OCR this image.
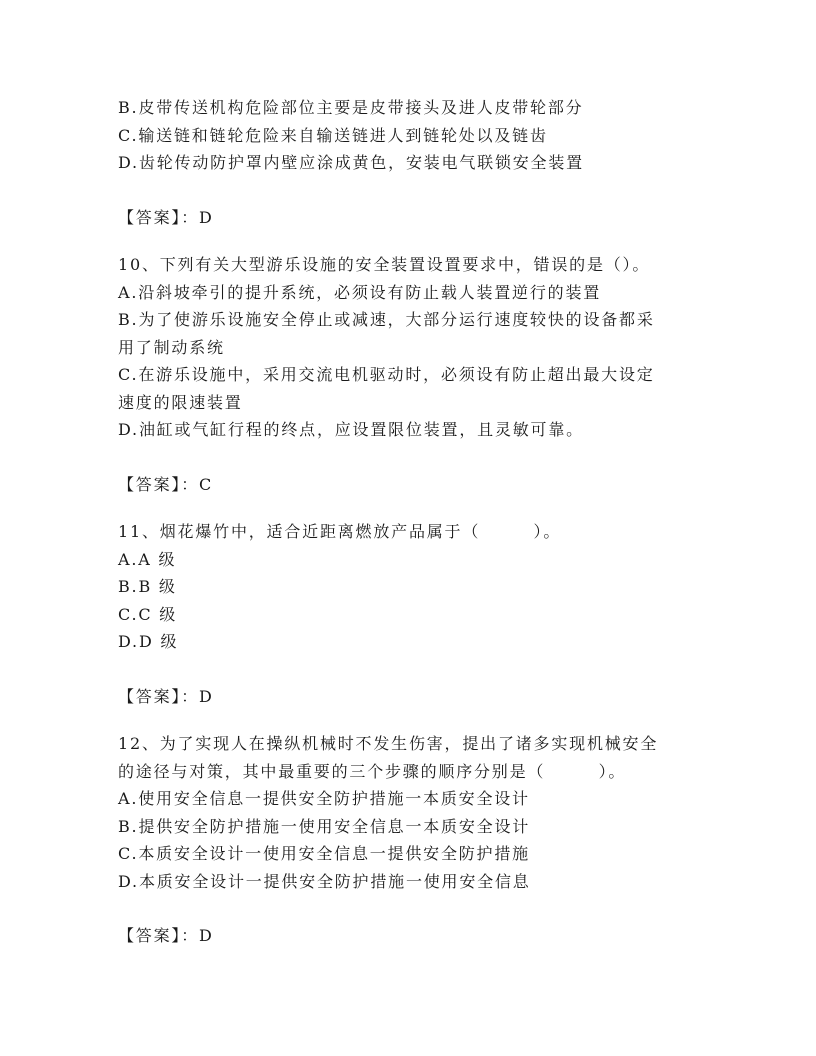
B.皮带传送机构危险部位主要是皮带接头及进人皮带轮部分
C.输送链和链轮危险来自输送链进人到链轮处以及链齿
D.齿轮传动防护罩内壁应涂成黄色，安装电气联锁安全装置
【答案】：D
10、下列有关大型游乐设施的安全装置设置要求中，错误的是（）。
A.沿斜坡牵引的提升系统，必须设有防止载人装置逆行的装置
B.为了使游乐设施安全停止或减速，大部分运行速度较快的设备都采
用了制动系统
C.在游乐设施中，采用交流电机驱动时，必须设有防止超出最大设定
速度的限速装置
D.油缸或气缸行程的终点，应设置限位装置，且灵敏可靠。
【答案】：C
11、烟花爆竹中，适合近距离燃放产品属于（　　　）。
A.A 级
B.B 级
C.C 级
D.D 级
【答案】：D
12、为了实现人在操纵机械时不发生伤害，提出了诸多实现机械安全
的途径与对策，其中最重要的三个步骤的顺序分别是（　　　）。
A.使用安全信息一提供安全防护措施一本质安全设计
B.提供安全防护措施一使用安全信息一本质安全设计
C.本质安全设计一使用安全信息一提供安全防护措施
D.本质安全设计一提供安全防护措施一使用安全信息
【答案】：D
